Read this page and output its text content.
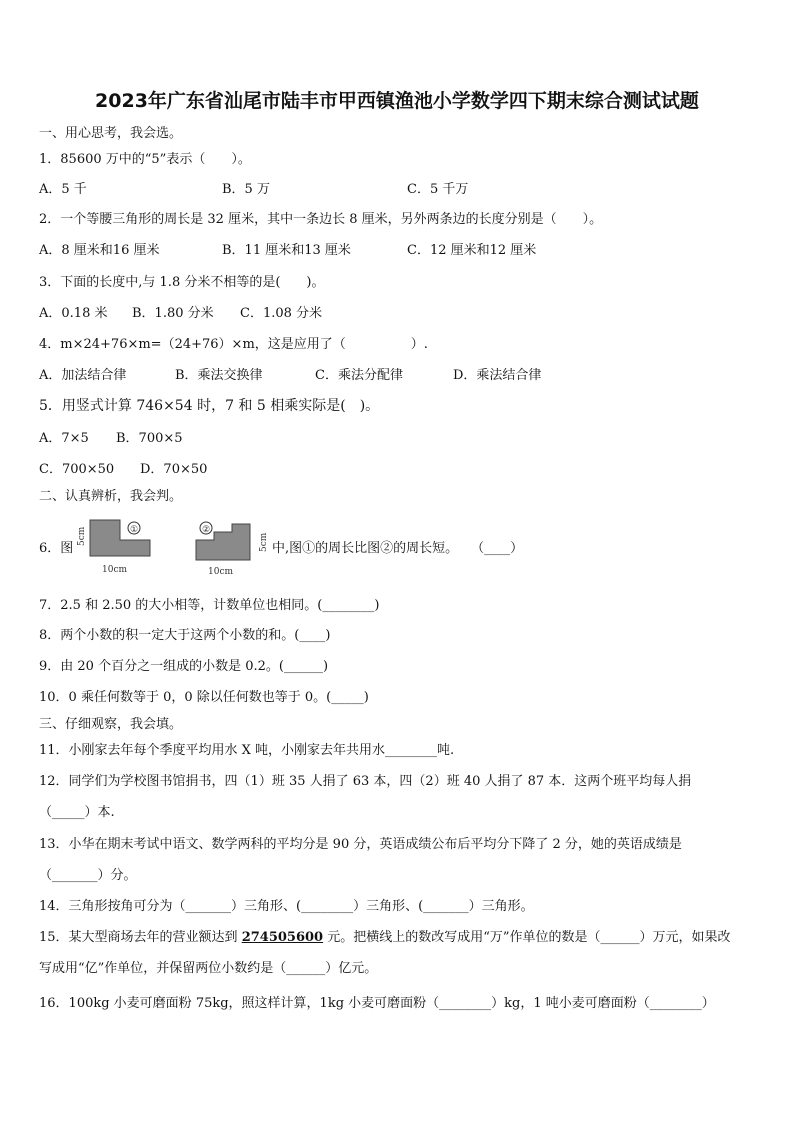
2023年广东省汕尾市陆丰市甲西镇渔池小学数学四下期末综合测试试题
一、用心思考，我会选。
1．85600 万中的“5”表示（　　）。
A．5 千	B．5 万	C．5 千万
2．一个等腰三角形的周长是 32 厘米，其中一条边长 8 厘米，另外两条边的长度分别是（　　）。
A．8 厘米和16 厘米	B．11 厘米和13 厘米	C．12 厘米和12 厘米
3．下面的长度中,与 1.8 分米不相等的是(　　)。
A．0.18 米 B．1.80 分米 C．1.08 分米
4．m×24+76×m=（24+76）×m，这是应用了（　　　　　）.
A．加法结合律	B．乘法交换律	C．乘法分配律	D．乘法结合律
5．用竖式计算 746×54 时，7 和 5 相乘实际是(　)。
A．7×5 B．700×5
C．700×50 D．70×50
二、认真辨析，我会判。
6．图
5cm	①
10cm
②
10cm
5cm 中,图①的周长比图②的周长短。　　（____）
7．2.5 和 2.50 的大小相等，计数单位也相同。(________)
8．两个小数的积一定大于这两个小数的和。(____)
9．由 20 个百分之一组成的小数是 0.2。(______)
10．0 乘任何数等于 0，0 除以任何数也等于 0。(_____)
三、仔细观察，我会填。
11．小刚家去年每个季度平均用水 X 吨，小刚家去年共用水________吨.
12．同学们为学校图书馆捐书，四（1）班 35 人捐了 63 本，四（2）班 40 人捐了 87 本．这两个班平均每人捐
（_____）本.
13．小华在期末考试中语文、数学两科的平均分是 90 分，英语成绩公布后平均分下降了 2 分，她的英语成绩是
（_______）分。
14．三角形按角可分为（_______）三角形、(________）三角形、(_______）三角形。
15．某大型商场去年的营业额达到 274505600 元。把横线上的数改写成用“万”作单位的数是（______）万元，如果改
写成用“亿”作单位，并保留两位小数约是（______）亿元。
16．100kg 小麦可磨面粉 75kg，照这样计算，1kg 小麦可磨面粉（________）kg，1 吨小麦可磨面粉（________）
